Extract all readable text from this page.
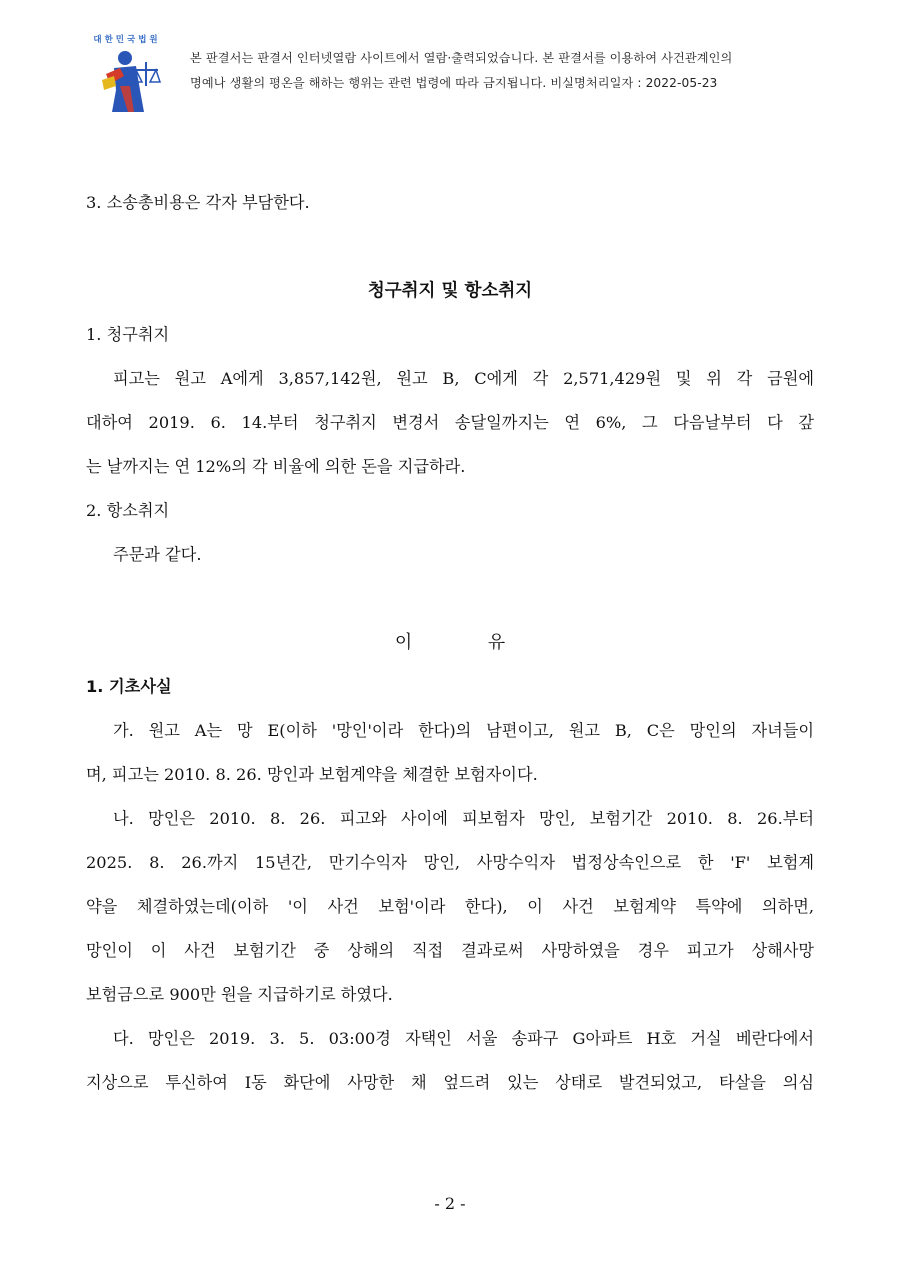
대한민국법원
본 판결서는 판결서 인터넷열람 사이트에서 열람·출력되었습니다. 본 판결서를 이용하여 사건관계인의
명예나 생활의 평온을 해하는 행위는 관련 법령에 따라 금지됩니다. 비실명처리일자 : 2022-05-23
3. 소송총비용은 각자 부담한다.
청구취지 및 항소취지
1. 청구취지
피고는 원고 A에게 3,857,142원, 원고 B, C에게 각 2,571,429원 및 위 각 금원에
대하여 2019. 6. 14.부터 청구취지 변경서 송달일까지는 연 6%, 그 다음날부터 다 갚
는 날까지는 연 12%의 각 비율에 의한 돈을 지급하라.
2. 항소취지
주문과 같다.
이	유
1. 기초사실
가. 원고 A는 망 E(이하 '망인'이라 한다)의 남편이고, 원고 B, C은 망인의 자녀들이
며, 피고는 2010. 8. 26. 망인과 보험계약을 체결한 보험자이다.
나. 망인은 2010. 8. 26. 피고와 사이에 피보험자 망인, 보험기간 2010. 8. 26.부터
2025. 8. 26.까지 15년간, 만기수익자 망인, 사망수익자 법정상속인으로 한 'F' 보험계
약을 체결하였는데(이하 '이 사건 보험'이라 한다), 이 사건 보험계약 특약에 의하면,
망인이 이 사건 보험기간 중 상해의 직접 결과로써 사망하였을 경우 피고가 상해사망
보험금으로 900만 원을 지급하기로 하였다.
다. 망인은 2019. 3. 5. 03:00경 자택인 서울 송파구 G아파트 H호 거실 베란다에서
지상으로 투신하여 I동 화단에 사망한 채 엎드려 있는 상태로 발견되었고, 타살을 의심
- 2 -
